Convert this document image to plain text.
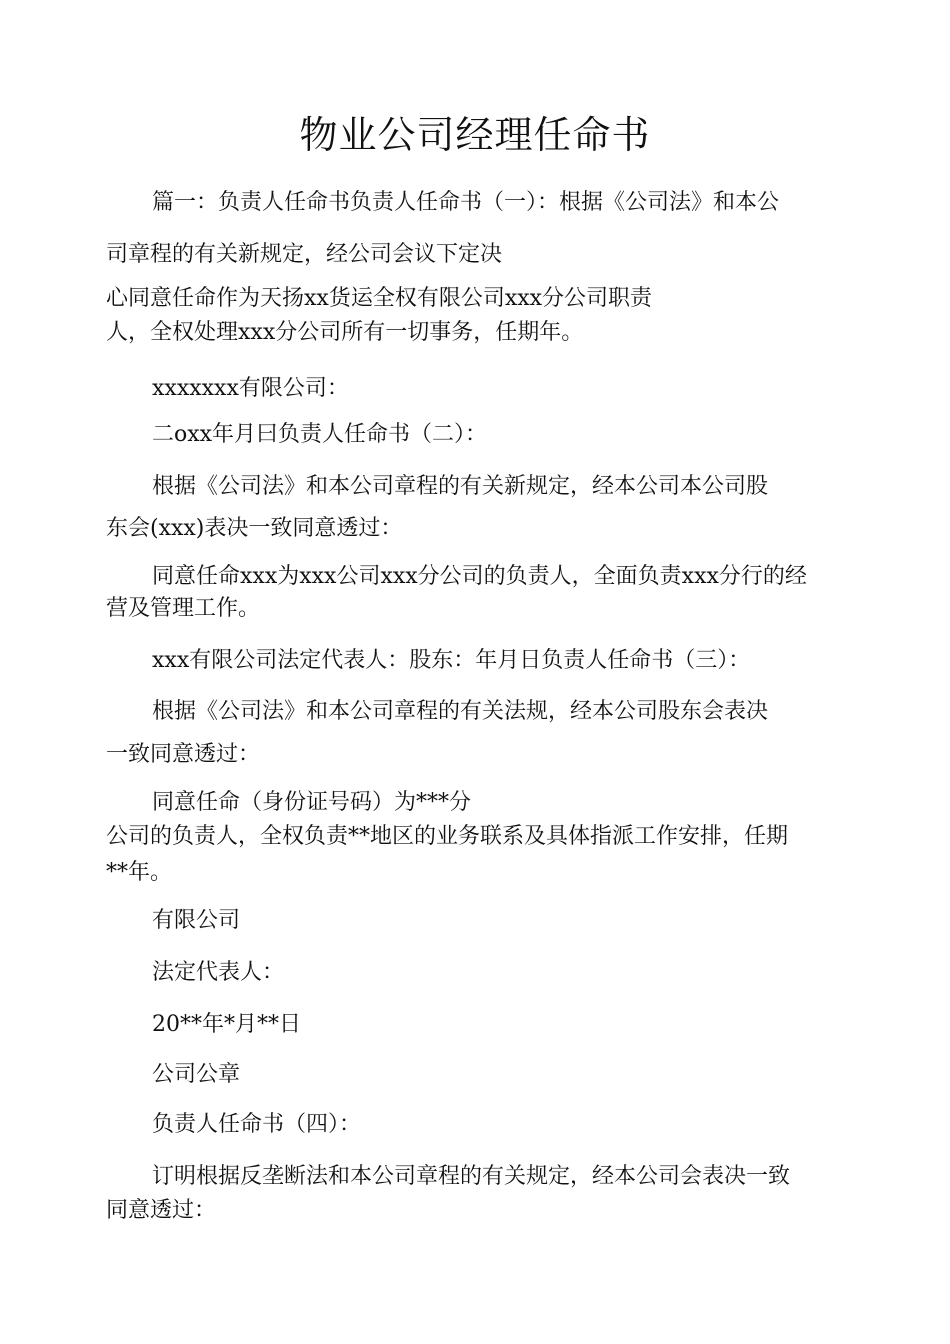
物业公司经理任命书
篇一：负责人任命书负责人任命书（一）：根据《公司法》和本公
司章程的有关新规定，经公司会议下定决
心同意任命作为天扬xx货运全权有限公司xxx分公司职责
人，全权处理xxx分公司所有一切事务，任期年。
xxxxxxx有限公司：
二oxx年月曰负责人任命书（二）：
根据《公司法》和本公司章程的有关新规定，经本公司本公司股
东会(xxx)表决一致同意透过：
同意任命xxx为xxx公司xxx分公司的负责人，全面负责xxx分行的经
营及管理工作。
xxx有限公司法定代表人：股东：年月日负责人任命书（三）：
根据《公司法》和本公司章程的有关法规，经本公司股东会表决
一致同意透过：
同意任命（身份证号码）为***分
公司的负责人，全权负责**地区的业务联系及具体指派工作安排，任期
**年。
有限公司
法定代表人：
20**年*月**日
公司公章
负责人任命书（四）：
订明根据反垄断法和本公司章程的有关规定，经本公司会表决一致
同意透过：
